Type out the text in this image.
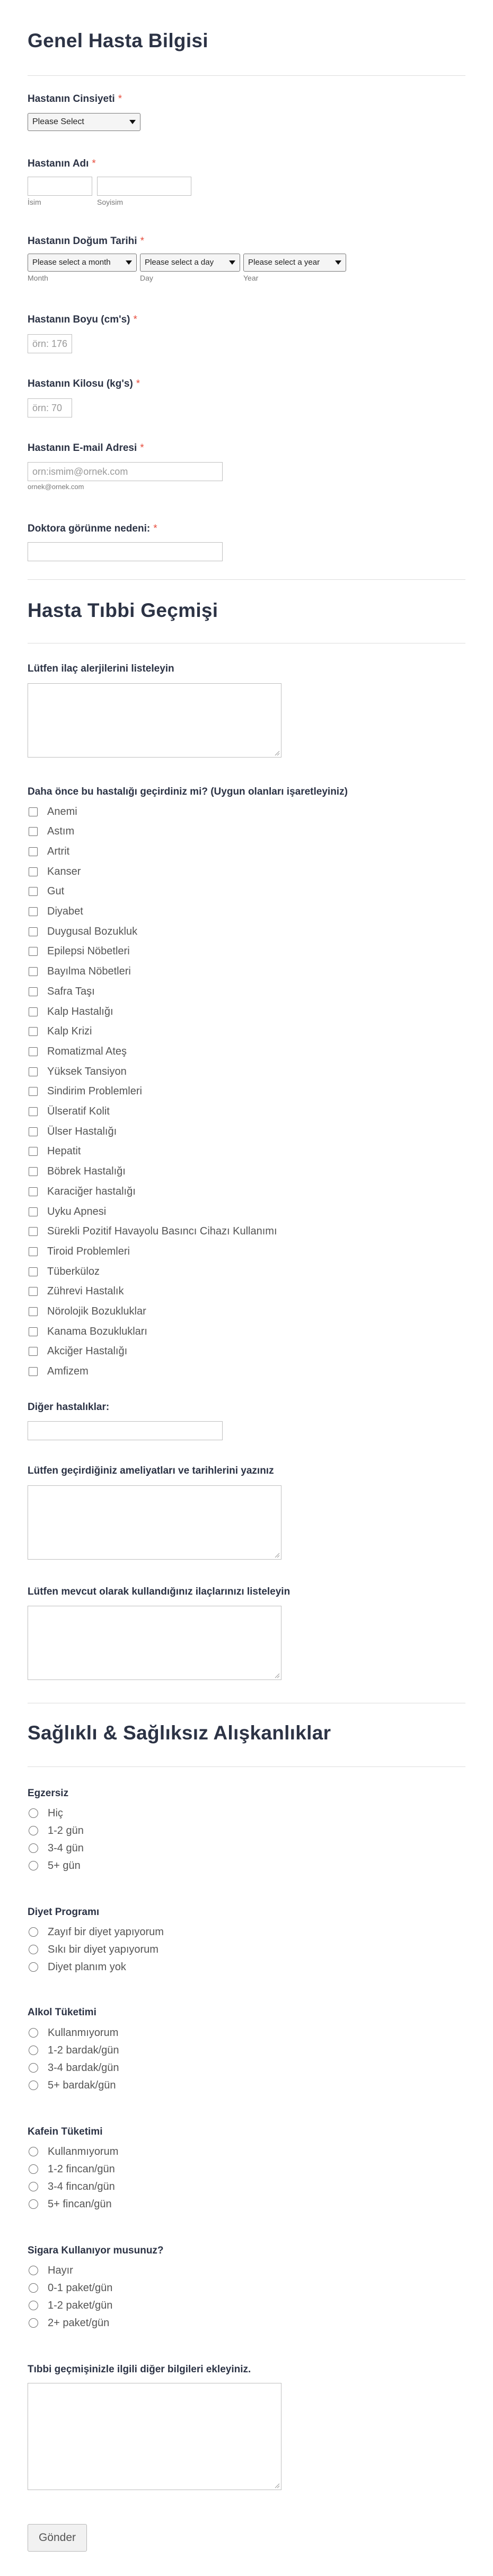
Genel Hasta Bilgisi
Hastanın Cinsiyeti *
Please Select
Hastanın Adı *
İsim	Soyisim
Hastanın Doğum Tarihi *
Please select a month
Month
Please select a day
Day
Please select a year
Year
Hastanın Boyu (cm's) *
örn: 176
Hastanın Kilosu (kg's) *
örn: 70
Hastanın E-mail Adresi *
orn:ismim@ornek.com
ornek@ornek.com
Doktora görünme nedeni: *
Hasta Tıbbi Geçmişi
Lütfen ilaç alerjilerini listeleyin
Daha önce bu hastalığı geçirdiniz mi? (Uygun olanları işaretleyiniz)
Anemi
Astım
Artrit
Kanser
Gut
Diyabet
Duygusal Bozukluk
Epilepsi Nöbetleri
Bayılma Nöbetleri
Safra Taşı
Kalp Hastalığı
Kalp Krizi
Romatizmal Ateş
Yüksek Tansiyon
Sindirim Problemleri
Ülseratif Kolit
Ülser Hastalığı
Hepatit
Böbrek Hastalığı
Karaciğer hastalığı
Uyku Apnesi
Sürekli Pozitif Havayolu Basıncı Cihazı Kullanımı
Tiroid Problemleri
Tüberküloz
Zührevi Hastalık
Nörolojik Bozukluklar
Kanama Bozuklukları
Akciğer Hastalığı
Amfizem
Diğer hastalıklar:
Lütfen geçirdiğiniz ameliyatları ve tarihlerini yazınız
Lütfen mevcut olarak kullandığınız ilaçlarınızı listeleyin
Sağlıklı & Sağlıksız Alışkanlıklar
Egzersiz
Hiç
1-2 gün
3-4 gün
5+ gün
Diyet Programı
Zayıf bir diyet yapıyorum
Sıkı bir diyet yapıyorum
Diyet planım yok
Alkol Tüketimi
Kullanmıyorum
1-2 bardak/gün
3-4 bardak/gün
5+ bardak/gün
Kafein Tüketimi
Kullanmıyorum
1-2 fincan/gün
3-4 fincan/gün
5+ fincan/gün
Sigara Kullanıyor musunuz?
Hayır
0-1 paket/gün
1-2 paket/gün
2+ paket/gün
Tıbbi geçmişinizle ilgili diğer bilgileri ekleyiniz.
Gönder
